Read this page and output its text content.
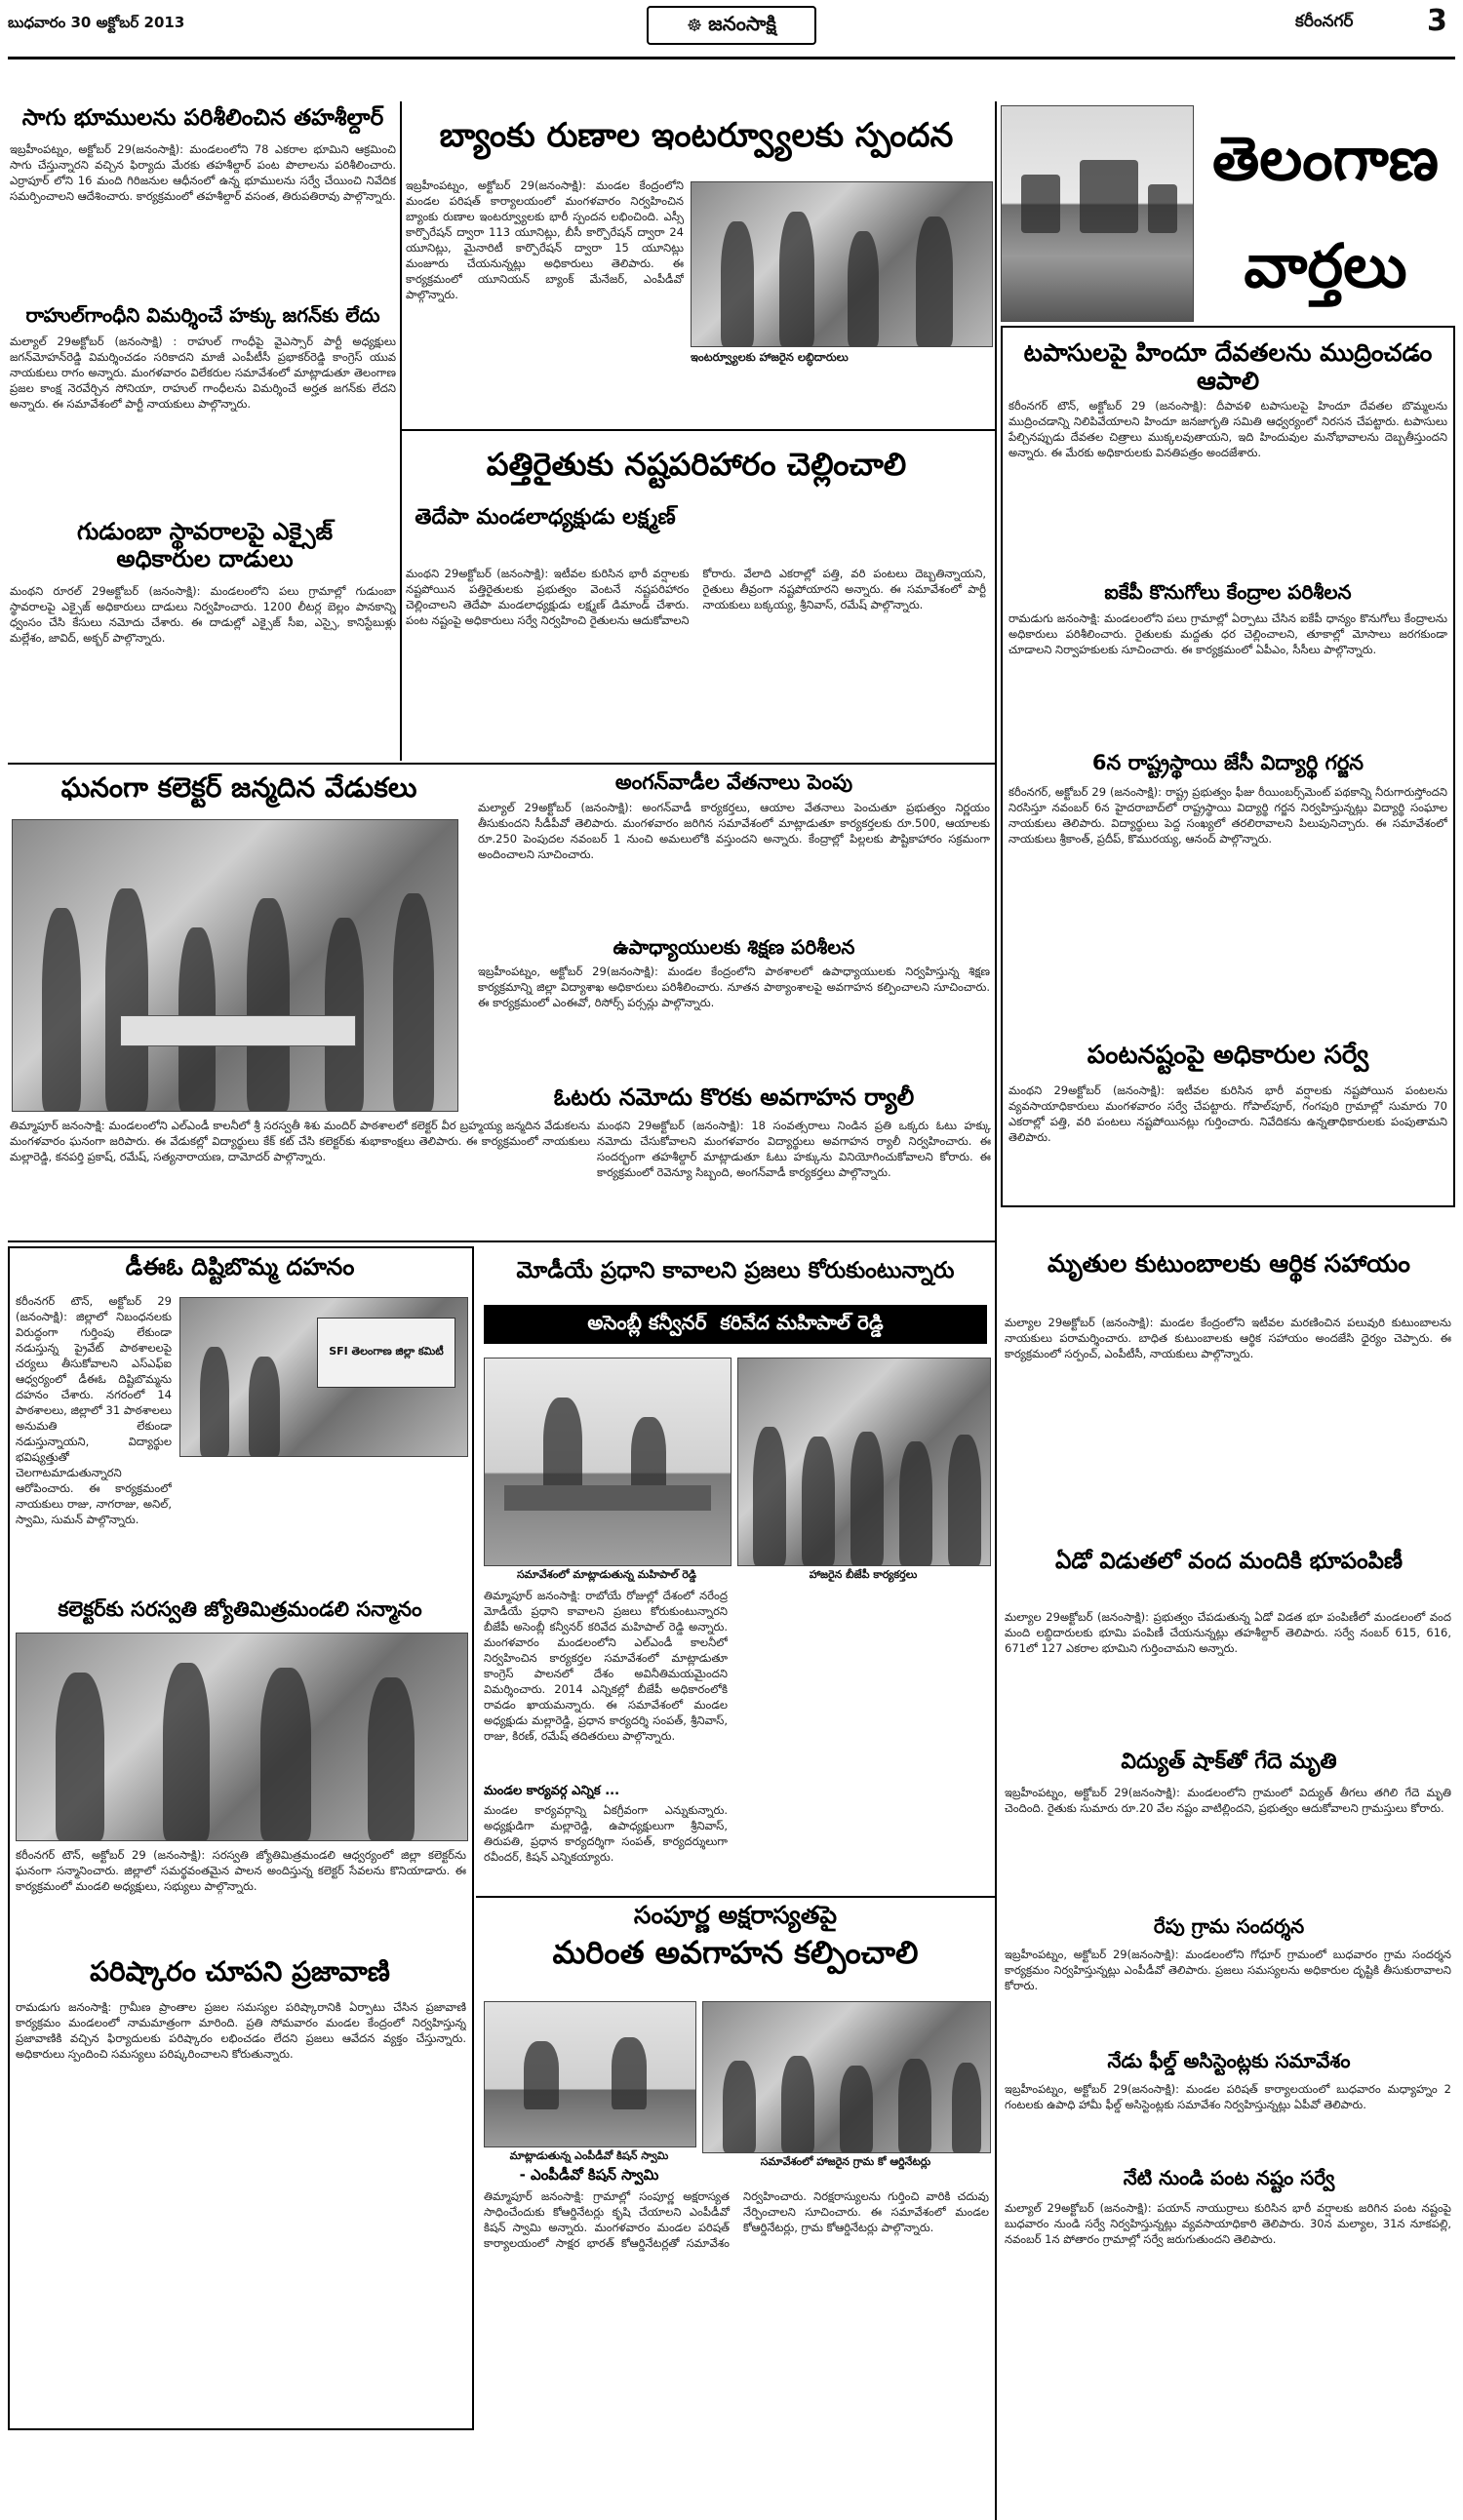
బుధవారం 30 అక్టోబర్ 2013	☸ జనంసాక్షి	కరీంనగర్	3
సాగు భూములను పరిశీలించిన తహశీల్దార్
ఇబ్రహీంపట్నం, అక్టోబర్ 29(జనంసాక్షి): మండలంలోని 78 ఎకరాల భూమిని ఆక్రమించి సాగు చేస్తున్నారని వచ్చిన ఫిర్యాదు మేరకు తహశీల్దార్ పంట పొలాలను పరిశీలించారు. ఎర్రాపూర్ లోని 16 మంది గిరిజనుల ఆధీనంలో ఉన్న భూములను సర్వే చేయించి నివేదిక సమర్పించాలని ఆదేశించారు. కార్యక్రమంలో తహశీల్దార్ వసంత, తిరుపతిరావు పాల్గొన్నారు.
రాహుల్‌గాంధీని విమర్శించే హక్కు జగన్‌కు లేదు
మల్యాల్ 29అక్టోబర్ (జనంసాక్షి) : రాహుల్ గాంధీపై వైఎస్సార్ పార్టీ అధ్యక్షులు జగన్‌మోహన్‌రెడ్డి విమర్శించడం సరికాదని మాజీ ఎంపీటీసీ ప్రభాకర్‌రెడ్డి కాంగ్రెస్ యువ నాయకులు రాగం అన్నారు. మంగళవారం విలేకరుల సమావేశంలో మాట్లాడుతూ తెలంగాణ ప్రజల కాంక్ష నెరవేర్చిన సోనియా, రాహుల్ గాంధీలను విమర్శించే అర్హత జగన్‌కు లేదని అన్నారు. ఈ సమావేశంలో పార్టీ నాయకులు పాల్గొన్నారు.
గుడుంబా స్థావరాలపై ఎక్సైజ్ అధికారుల దాడులు
మంథని రూరల్ 29అక్టోబర్ (జనంసాక్షి): మండలంలోని పలు గ్రామాల్లో గుడుంబా స్థావరాలపై ఎక్సైజ్ అధికారులు దాడులు నిర్వహించారు. 1200 లీటర్ల బెల్లం పానకాన్ని ధ్వంసం చేసి కేసులు నమోదు చేశారు. ఈ దాడుల్లో ఎక్సైజ్ సీఐ, ఎస్సై, కానిస్టేబుళ్లు మల్లేశం, జావిద్, అక్బర్ పాల్గొన్నారు.
బ్యాంకు రుణాల ఇంటర్వ్యూలకు స్పందన
ఇబ్రహీంపట్నం, అక్టోబర్ 29(జనంసాక్షి): మండల కేంద్రంలోని మండల పరిషత్ కార్యాలయంలో మంగళవారం నిర్వహించిన బ్యాంకు రుణాల ఇంటర్వ్యూలకు భారీ స్పందన లభించింది. ఎస్సీ కార్పొరేషన్ ద్వారా 113 యూనిట్లు, బీసీ కార్పొరేషన్ ద్వారా 24 యూనిట్లు, మైనారిటీ కార్పొరేషన్ ద్వారా 15 యూనిట్లు మంజూరు చేయనున్నట్లు అధికారులు తెలిపారు. ఈ కార్యక్రమంలో యూనియన్ బ్యాంక్ మేనేజర్, ఎంపీడీవో పాల్గొన్నారు.
ఇంటర్వ్యూలకు హాజరైన లబ్ధిదారులు
పత్తిరైతుకు నష్టపరిహారం చెల్లించాలి
తెదేపా మండలాధ్యక్షుడు లక్ష్మణ్
మంథని 29అక్టోబర్ (జనంసాక్షి): ఇటీవల కురిసిన భారీ వర్షాలకు నష్టపోయిన పత్తిరైతులకు ప్రభుత్వం వెంటనే నష్టపరిహారం చెల్లించాలని తెదేపా మండలాధ్యక్షుడు లక్ష్మణ్ డిమాండ్ చేశారు. పంట నష్టంపై అధికారులు సర్వే నిర్వహించి రైతులను ఆదుకోవాలని కోరారు. వేలాది ఎకరాల్లో పత్తి, వరి పంటలు దెబ్బతిన్నాయని, రైతులు తీవ్రంగా నష్టపోయారని అన్నారు. ఈ సమావేశంలో పార్టీ నాయకులు బక్కయ్య, శ్రీనివాస్, రమేష్ పాల్గొన్నారు.
తెలంగాణ
వార్తలు
టపాసులపై హిందూ దేవతలను ముద్రించడం ఆపాలి
కరీంనగర్ టౌన్, అక్టోబర్ 29 (జనంసాక్షి): దీపావళి టపాసులపై హిందూ దేవతల బొమ్మలను ముద్రించడాన్ని నిలిపివేయాలని హిందూ జనజాగృతి సమితి ఆధ్వర్యంలో నిరసన చేపట్టారు. టపాసులు పేల్చినప్పుడు దేవతల చిత్రాలు ముక్కలవుతాయని, ఇది హిందువుల మనోభావాలను దెబ్బతీస్తుందని అన్నారు. ఈ మేరకు అధికారులకు వినతిపత్రం అందజేశారు.
ఐకేపీ కొనుగోలు కేంద్రాల పరిశీలన
రామడుగు జనంసాక్షి: మండలంలోని పలు గ్రామాల్లో ఏర్పాటు చేసిన ఐకేపీ ధాన్యం కొనుగోలు కేంద్రాలను అధికారులు పరిశీలించారు. రైతులకు మద్దతు ధర చెల్లించాలని, తూకాల్లో మోసాలు జరగకుండా చూడాలని నిర్వాహకులకు సూచించారు. ఈ కార్యక్రమంలో ఏపీఎం, సీసీలు పాల్గొన్నారు.
6న రాష్ట్రస్థాయి జేసీ విద్యార్థి గర్జన
కరీంనగర్, అక్టోబర్ 29 (జనంసాక్షి): రాష్ట్ర ప్రభుత్వం ఫీజు రీయింబర్స్‌మెంట్ పథకాన్ని నీరుగారుస్తోందని నిరసిస్తూ నవంబర్ 6న హైదరాబాద్‌లో రాష్ట్రస్థాయి విద్యార్థి గర్జన నిర్వహిస్తున్నట్లు విద్యార్థి సంఘాల నాయకులు తెలిపారు. విద్యార్థులు పెద్ద సంఖ్యలో తరలిరావాలని పిలుపునిచ్చారు. ఈ సమావేశంలో నాయకులు శ్రీకాంత్, ప్రదీప్, కొమురయ్య, ఆనంద్ పాల్గొన్నారు.
పంటనష్టంపై అధికారుల సర్వే
మంథని 29అక్టోబర్ (జనంసాక్షి): ఇటీవల కురిసిన భారీ వర్షాలకు నష్టపోయిన పంటలను వ్యవసాయాధికారులు మంగళవారం సర్వే చేపట్టారు. గోపాల్‌పూర్, గంగపురి గ్రామాల్లో సుమారు 70 ఎకరాల్లో పత్తి, వరి పంటలు నష్టపోయినట్లు గుర్తించారు. నివేదికను ఉన్నతాధికారులకు పంపుతామని తెలిపారు.
ఘనంగా కలెక్టర్ జన్మదిన వేడుకలు
తిమ్మాపూర్ జనంసాక్షి: మండలంలోని ఎల్‌ఎండీ కాలనీలో శ్రీ సరస్వతీ శిశు మందిర్ పాఠశాలలో కలెక్టర్ వీర బ్రహ్మయ్య జన్మదిన వేడుకలను మంగళవారం ఘనంగా జరిపారు. ఈ వేడుకల్లో విద్యార్థులు కేక్ కట్ చేసి కలెక్టర్‌కు శుభాకాంక్షలు తెలిపారు. ఈ కార్యక్రమంలో నాయకులు మల్లారెడ్డి, కనపర్తి ప్రకాష్, రమేష్, సత్యనారాయణ, దామోదర్ పాల్గొన్నారు.
అంగన్‌వాడీల వేతనాలు పెంపు
మల్యాల్ 29అక్టోబర్ (జనంసాక్షి): అంగన్‌వాడీ కార్యకర్తలు, ఆయాల వేతనాలు పెంచుతూ ప్రభుత్వం నిర్ణయం తీసుకుందని సీడీపీవో తెలిపారు. మంగళవారం జరిగిన సమావేశంలో మాట్లాడుతూ కార్యకర్తలకు రూ.500, ఆయాలకు రూ.250 పెంపుదల నవంబర్ 1 నుంచి అమలులోకి వస్తుందని అన్నారు. కేంద్రాల్లో పిల్లలకు పౌష్టికాహారం సక్రమంగా అందించాలని సూచించారు.
ఉపాధ్యాయులకు శిక్షణ పరిశీలన
ఇబ్రహీంపట్నం, అక్టోబర్ 29(జనంసాక్షి): మండల కేంద్రంలోని పాఠశాలలో ఉపాధ్యాయులకు నిర్వహిస్తున్న శిక్షణ కార్యక్రమాన్ని జిల్లా విద్యాశాఖ అధికారులు పరిశీలించారు. నూతన పాఠ్యాంశాలపై అవగాహన కల్పించాలని సూచించారు. ఈ కార్యక్రమంలో ఎంఈవో, రిసోర్స్ పర్సన్లు పాల్గొన్నారు.
ఓటరు నమోదు కొరకు అవగాహన ర్యాలీ
మంథని 29అక్టోబర్ (జనంసాక్షి): 18 సంవత్సరాలు నిండిన ప్రతి ఒక్కరు ఓటు హక్కు నమోదు చేసుకోవాలని మంగళవారం విద్యార్థులు అవగాహన ర్యాలీ నిర్వహించారు. ఈ సందర్భంగా తహశీల్దార్ మాట్లాడుతూ ఓటు హక్కును వినియోగించుకోవాలని కోరారు. ఈ కార్యక్రమంలో రెవెన్యూ సిబ్బంది, అంగన్‌వాడీ కార్యకర్తలు పాల్గొన్నారు.
డీఈఓ దిష్టిబొమ్మ దహనం
కరీంనగర్ టౌన్, అక్టోబర్ 29 (జనంసాక్షి): జిల్లాలో నిబంధనలకు విరుద్ధంగా గుర్తింపు లేకుండా నడుస్తున్న ప్రైవేట్ పాఠశాలలపై చర్యలు తీసుకోవాలని ఎస్‌ఎఫ్ఐ ఆధ్వర్యంలో డీఈఓ దిష్టిబొమ్మను దహనం చేశారు. నగరంలో 14 పాఠశాలలు, జిల్లాలో 31 పాఠశాలలు అనుమతి లేకుండా నడుస్తున్నాయని, విద్యార్థుల భవిష్యత్తుతో చెలగాటమాడుతున్నారని ఆరోపించారు. ఈ కార్యక్రమంలో నాయకులు రాజు, నాగరాజు, అనిల్, స్వామి, సుమన్ పాల్గొన్నారు.
SFI తెలంగాణ జిల్లా కమిటీ
కలెక్టర్‌కు సరస్వతి జ్యోతిమిత్రమండలి సన్మానం
కరీంనగర్ టౌన్, అక్టోబర్ 29 (జనంసాక్షి): సరస్వతి జ్యోతిమిత్రమండలి ఆధ్వర్యంలో జిల్లా కలెక్టర్‌ను ఘనంగా సన్మానించారు. జిల్లాలో సమర్థవంతమైన పాలన అందిస్తున్న కలెక్టర్ సేవలను కొనియాడారు. ఈ కార్యక్రమంలో మండలి అధ్యక్షులు, సభ్యులు పాల్గొన్నారు.
పరిష్కారం చూపని ప్రజావాణి
రామడుగు జనంసాక్షి: గ్రామీణ ప్రాంతాల ప్రజల సమస్యల పరిష్కారానికి ఏర్పాటు చేసిన ప్రజావాణి కార్యక్రమం మండలంలో నామమాత్రంగా మారింది. ప్రతి సోమవారం మండల కేంద్రంలో నిర్వహిస్తున్న ప్రజావాణికి వచ్చిన ఫిర్యాదులకు పరిష్కారం లభించడం లేదని ప్రజలు ఆవేదన వ్యక్తం చేస్తున్నారు. అధికారులు స్పందించి సమస్యలు పరిష్కరించాలని కోరుతున్నారు.
మోడీయే ప్రధాని కావాలని ప్రజలు కోరుకుంటున్నారు
అసెంబ్లీ కన్వీనర్  కరివేద మహిపాల్ రెడ్డి
సమావేశంలో మాట్లాడుతున్న మహిపాల్ రెడ్డి	హాజరైన బీజేపీ కార్యకర్తలు
తిమ్మాపూర్ జనంసాక్షి: రాబోయే రోజుల్లో దేశంలో నరేంద్ర మోడీయే ప్రధాని కావాలని ప్రజలు కోరుకుంటున్నారని బీజేపీ అసెంబ్లీ కన్వీనర్ కరివేద మహిపాల్ రెడ్డి అన్నారు. మంగళవారం మండలంలోని ఎల్‌ఎండీ కాలనీలో నిర్వహించిన కార్యకర్తల సమావేశంలో మాట్లాడుతూ కాంగ్రెస్ పాలనలో దేశం అవినీతిమయమైందని విమర్శించారు. 2014 ఎన్నికల్లో బీజేపీ అధికారంలోకి రావడం ఖాయమన్నారు. ఈ సమావేశంలో మండల అధ్యక్షుడు మల్లారెడ్డి, ప్రధాన కార్యదర్శి సంపత్, శ్రీనివాస్, రాజు, కిరణ్, రమేష్ తదితరులు పాల్గొన్నారు.
మండల కార్యవర్గ ఎన్నిక ...
మండల కార్యవర్గాన్ని ఏకగ్రీవంగా ఎన్నుకున్నారు. అధ్యక్షుడిగా మల్లారెడ్డి, ఉపాధ్యక్షులుగా శ్రీనివాస్, తిరుపతి, ప్రధాన కార్యదర్శిగా సంపత్, కార్యదర్శులుగా రవీందర్, కిషన్ ఎన్నికయ్యారు.
సంపూర్ణ అక్షరాస్యతపై
మరింత అవగాహన కల్పించాలి
మాట్లాడుతున్న ఎంపీడీవో కిషన్ స్వామి
- ఎంపీడీవో కిషన్ స్వామి
సమావేశంలో హాజరైన గ్రామ కో ఆర్డినేటర్లు
తిమ్మాపూర్ జనంసాక్షి: గ్రామాల్లో సంపూర్ణ అక్షరాస్యత సాధించేందుకు కోఆర్డినేటర్లు కృషి చేయాలని ఎంపీడీవో కిషన్ స్వామి అన్నారు. మంగళవారం మండల పరిషత్ కార్యాలయంలో సాక్షర భారత్ కోఆర్డినేటర్లతో సమావేశం నిర్వహించారు. నిరక్షరాస్యులను గుర్తించి వారికి చదువు నేర్పించాలని సూచించారు. ఈ సమావేశంలో మండల కోఆర్డినేటర్లు, గ్రామ కోఆర్డినేటర్లు పాల్గొన్నారు.
మృతుల కుటుంబాలకు ఆర్థిక సహాయం
మల్యాల 29అక్టోబర్ (జనంసాక్షి): మండల కేంద్రంలోని ఇటీవల మరణించిన పలువురి కుటుంబాలను నాయకులు పరామర్శించారు. బాధిత కుటుంబాలకు ఆర్థిక సహాయం అందజేసి ధైర్యం చెప్పారు. ఈ కార్యక్రమంలో సర్పంచ్, ఎంపీటీసీ, నాయకులు పాల్గొన్నారు.
ఏడో విడుతలో వంద మందికి భూపంపిణీ
మల్యాల 29అక్టోబర్ (జనంసాక్షి): ప్రభుత్వం చేపడుతున్న ఏడో విడత భూ పంపిణీలో మండలంలో వంద మంది లబ్ధిదారులకు భూమి పంపిణీ చేయనున్నట్లు తహశీల్దార్ తెలిపారు. సర్వే నంబర్ 615, 616, 671లో 127 ఎకరాల భూమిని గుర్తించామని అన్నారు.
విద్యుత్ షాక్‌తో గేదె మృతి
ఇబ్రహీంపట్నం, అక్టోబర్ 29(జనంసాక్షి): మండలంలోని గ్రామంలో విద్యుత్ తీగలు తగిలి గేదె మృతి చెందింది. రైతుకు సుమారు రూ.20 వేల నష్టం వాటిల్లిందని, ప్రభుత్వం ఆదుకోవాలని గ్రామస్తులు కోరారు.
రేపు గ్రామ సందర్శన
ఇబ్రహీంపట్నం, అక్టోబర్ 29(జనంసాక్షి): మండలంలోని గోధూర్ గ్రామంలో బుధవారం గ్రామ సందర్శన కార్యక్రమం నిర్వహిస్తున్నట్లు ఎంపీడీవో తెలిపారు. ప్రజలు సమస్యలను అధికారుల దృష్టికి తీసుకురావాలని కోరారు.
నేడు ఫీల్డ్ అసిస్టెంట్లకు సమావేశం
ఇబ్రహీంపట్నం, అక్టోబర్ 29(జనంసాక్షి): మండల పరిషత్ కార్యాలయంలో బుధవారం మధ్యాహ్నం 2 గంటలకు ఉపాధి హామీ ఫీల్డ్ అసిస్టెంట్లకు సమావేశం నిర్వహిస్తున్నట్లు ఏపీవో తెలిపారు.
నేటి నుండి పంట నష్టం సర్వే
మల్యాల్ 29అక్టోబర్ (జనంసాక్షి): పయాన్ నాయుర్రాలు కురిసిన భారీ వర్షాలకు జరిగిన పంట నష్టంపై బుధవారం నుండి సర్వే నిర్వహిస్తున్నట్లు వ్యవసాయాధికారి తెలిపారు. 30న మల్యాల, 31న నూకపల్లి, నవంబర్ 1న పోతారం గ్రామాల్లో సర్వే జరుగుతుందని తెలిపారు.
